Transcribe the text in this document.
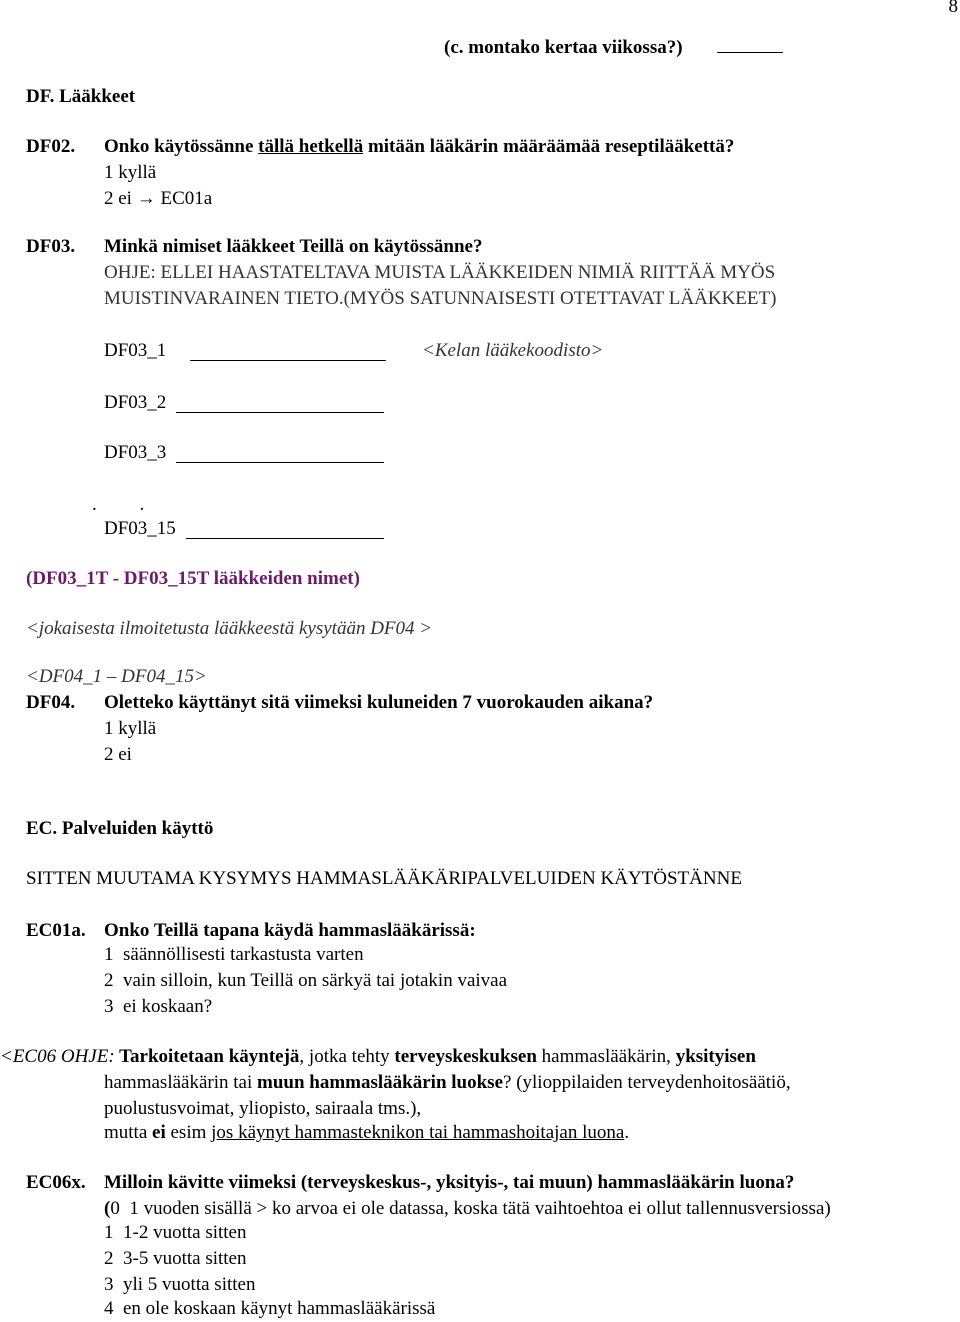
8
(c. montako kertaa viikossa?)
DF. Lääkkeet
DF02. Onko käytössänne tällä hetkellä mitään lääkärin määräämää reseptilääkettä?
1 kyllä
2 ei → EC01a
DF03. Minkä nimiset lääkkeet Teillä on käytössänne?
OHJE: ELLEI HAASTATELTAVA MUISTA LÄÄKKEIDEN NIMIÄ RIITTÄÄ MYÖS
MUISTINVARAINEN TIETO.(MYÖS SATUNNAISESTI OTETTAVAT LÄÄKKEET)
DF03_1	<Kelan lääkekoodisto>
DF03_2
DF03_3
.         .
DF03_15
(DF03_1T - DF03_15T lääkkeiden nimet)
<jokaisesta ilmoitetusta lääkkeestä kysytään DF04 >
<DF04_1 – DF04_15>
DF04. Oletteko käyttänyt sitä viimeksi kuluneiden 7 vuorokauden aikana?
1 kyllä
2 ei
EC. Palveluiden käyttö
SITTEN MUUTAMA KYSYMYS HAMMASLÄÄKÄRIPALVELUIDEN KÄYTÖSTÄNNE
EC01a. Onko Teillä tapana käydä hammaslääkärissä:
1  säännöllisesti tarkastusta varten
2  vain silloin, kun Teillä on särkyä tai jotakin vaivaa
3  ei koskaan?
<EC06 OHJE: Tarkoitetaan käyntejä, jotka tehty terveyskeskuksen hammaslääkärin, yksityisen
hammaslääkärin tai muun hammaslääkärin luokse? (ylioppilaiden terveydenhoitosäätiö,
puolustusvoimat, yliopisto, sairaala tms.),
mutta ei esim jos käynyt hammasteknikon tai hammashoitajan luona.
EC06x. Milloin kävitte viimeksi (terveyskeskus-, yksityis-, tai muun) hammaslääkärin luona?
(0  1 vuoden sisällä > ko arvoa ei ole datassa, koska tätä vaihtoehtoa ei ollut tallennusversiossa)
1  1-2 vuotta sitten
2  3-5 vuotta sitten
3  yli 5 vuotta sitten
4  en ole koskaan käynyt hammaslääkärissä
